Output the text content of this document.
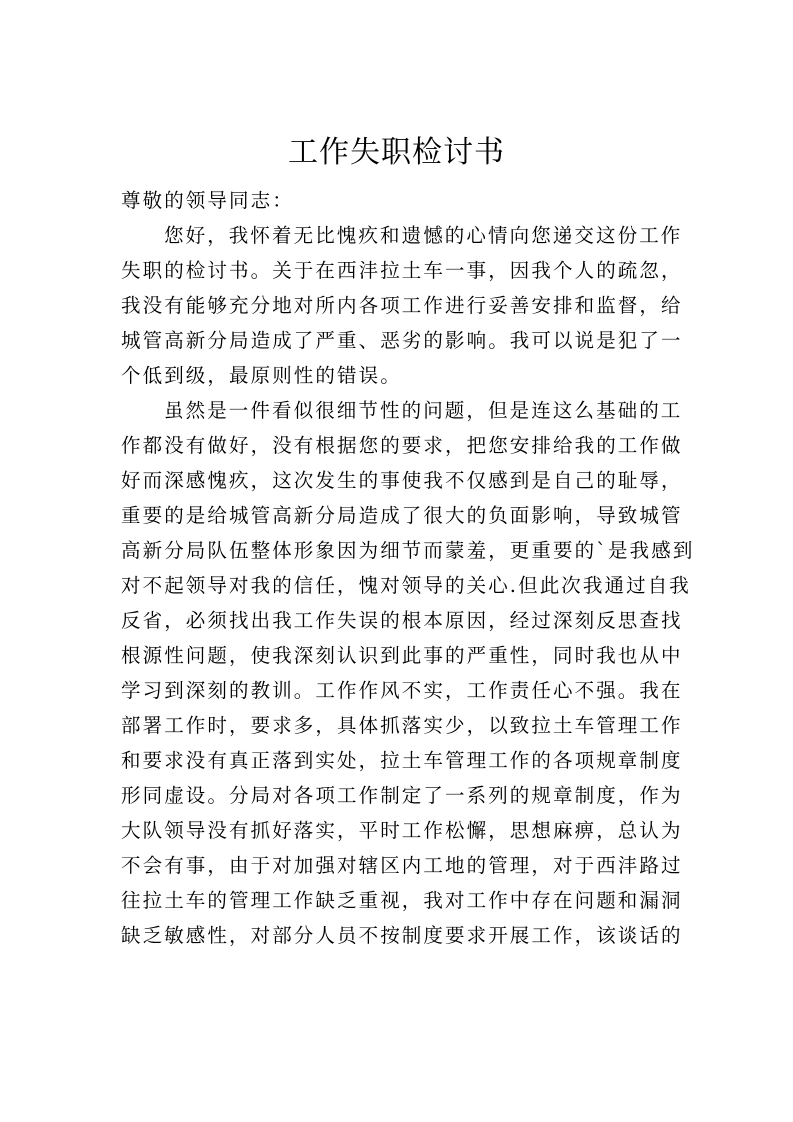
工作失职检讨书
尊敬的领导同志：
您好，我怀着无比愧疚和遗憾的心情向您递交这份工作
失职的检讨书。关于在西沣拉土车一事，因我个人的疏忽，
我没有能够充分地对所内各项工作进行妥善安排和监督，给
城管高新分局造成了严重、恶劣的影响。我可以说是犯了一
个低到级，最原则性的错误。
虽然是一件看似很细节性的问题，但是连这么基础的工
作都没有做好，没有根据您的要求，把您安排给我的工作做
好而深感愧疚，这次发生的事使我不仅感到是自己的耻辱，
重要的是给城管高新分局造成了很大的负面影响，导致城管
高新分局队伍整体形象因为细节而蒙羞，更重要的`是我感到
对不起领导对我的信任，愧对领导的关心.但此次我通过自我
反省，必须找出我工作失误的根本原因，经过深刻反思查找
根源性问题，使我深刻认识到此事的严重性，同时我也从中
学习到深刻的教训。工作作风不实，工作责任心不强。我在
部署工作时，要求多，具体抓落实少，以致拉土车管理工作
和要求没有真正落到实处，拉土车管理工作的各项规章制度
形同虚设。分局对各项工作制定了一系列的规章制度，作为
大队领导没有抓好落实，平时工作松懈，思想麻痹，总认为
不会有事，由于对加强对辖区内工地的管理，对于西沣路过
往拉土车的管理工作缺乏重视，我对工作中存在问题和漏洞
缺乏敏感性，对部分人员不按制度要求开展工作，该谈话的
